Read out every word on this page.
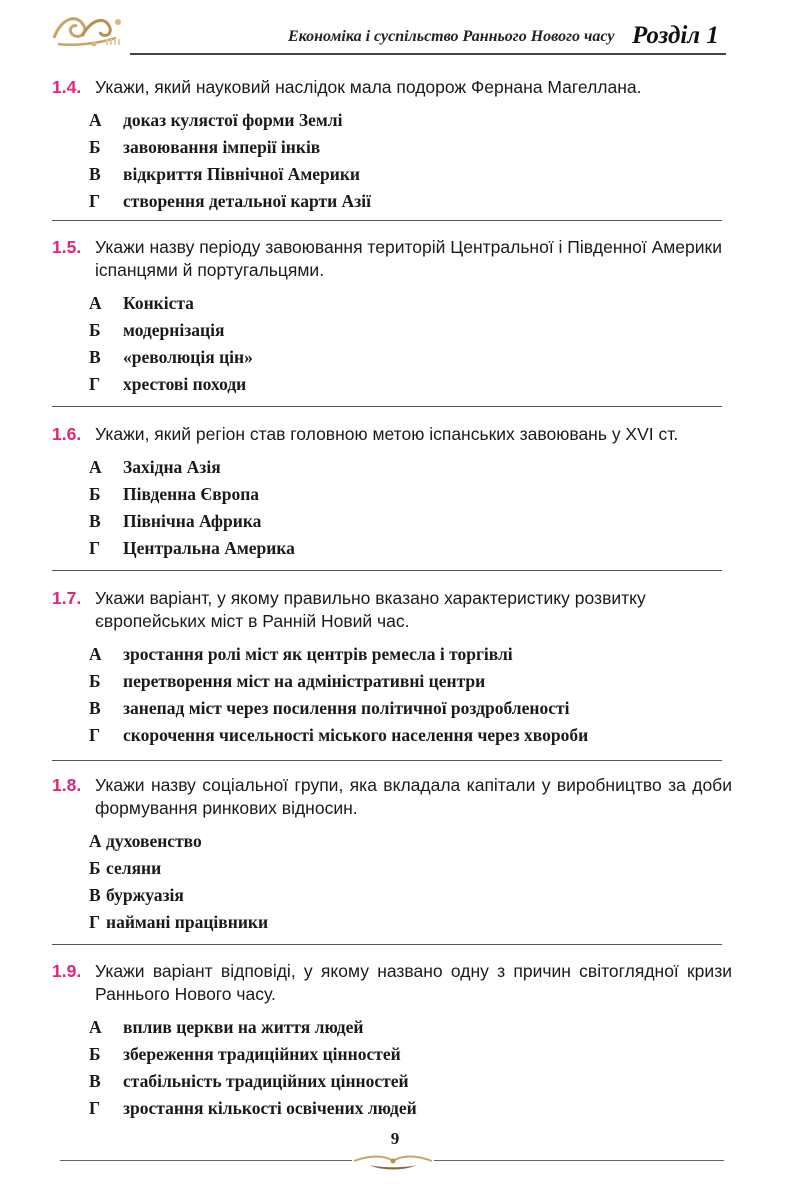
Економіка і суспільство Раннього Нового часу Розділ 1
1.4. Укажи, який науковий наслідок мала подорож Фернана Магеллана.
А	доказ кулястої форми Землі
Б	завоювання імперії інків
В	відкриття Північної Америки
Г	створення детальної карти Азії
1.5. Укажи назву періоду завоювання територій Центральної і Південної Америки іспанцями й португальцями.
А	Конкіста
Б	модернізація
В	«революція цін»
Г	хрестові походи
1.6. Укажи, який регіон став головною метою іспанських завоювань у XVI ст.
А	Західна Азія
Б	Південна Європа
В	Північна Африка
Г	Центральна Америка
1.7. Укажи варіант, у якому правильно вказано характеристику розвитку європейських міст в Ранній Новий час.
А	зростання ролі міст як центрів ремесла і торгівлі
Б	перетворення міст на адміністративні центри
В	занепад міст через посилення політичної роздробленості
Г	скорочення чисельності міського населення через хвороби
1.8. Укажи назву соціальної групи, яка вкладала капітали у виробництво за доби формування ринкових відносин.
А духовенство
Б селяни
В буржуазія
Г наймані працівники
1.9. Укажи варіант відповіді, у якому названо одну з причин світоглядної кризи Раннього Нового часу.
А	вплив церкви на життя людей
Б	збереження традиційних цінностей
В	стабільність традиційних цінностей
Г	зростання кількості освічених людей
9
